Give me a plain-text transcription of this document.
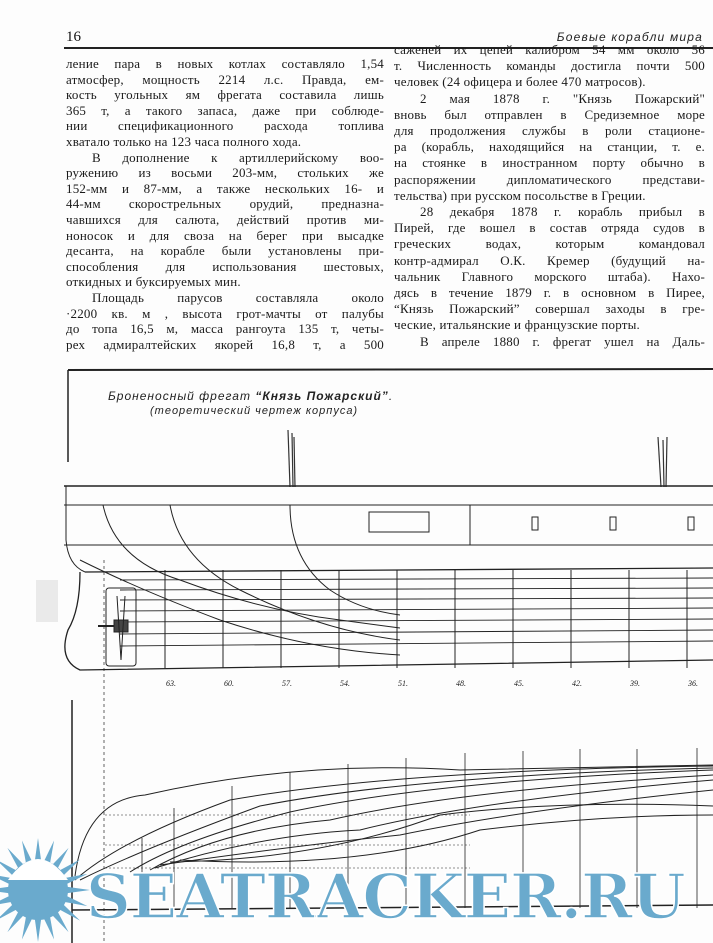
16	Боевые корабли мира
ление пара в новых котлах составляло 1,54
атмосфер, мощность 2214 л.с. Правда, ем-
кость угольных ям фрегата составила лишь
365 т, а такого запаса, даже при соблюде-
нии спецификационного расхода топлива
хватало только на 123 часа полного хода.
В дополнение к артиллерийскому воо-
ружению из восьми 203-мм, стольких же
152-мм и 87-мм, а также нескольких 16- и
44-мм скорострельных орудий, предназна-
чавшихся для салюта, действий против ми-
ноносок и для своза на берег при высадке
десанта, на корабле были установлены при-
способления для использования шестовых,
откидных и буксируемых мин.
Площадь парусов составляла около
·2200 кв. м , высота грот-мачты от палубы
до топа 16,5 м, масса рангоута 135 т, четы-
рех адмиралтейских якорей 16,8 т, а 500
саженей их цепей калибром 54 мм около 56
т. Численность команды достигла почти 500
человек (24 офицера и более 470 матросов).
2 мая 1878 г. "Князь Пожарский"
вновь был отправлен в Средиземное море
для продолжения службы в роли стационе-
ра (корабль, находящийся на станции, т. е.
на стоянке в иностранном порту обычно в
распоряжении дипломатического представи-
тельства) при русском посольстве в Греции.
28 декабря 1878 г. корабль прибыл в
Пирей, где вошел в состав отряда судов в
греческих водах, которым командовал
контр-адмирал О.К. Кремер (будущий на-
чальник Главного морского штаба). Нахо-
дясь в течение 1879 г. в основном в Пирее,
“Князь Пожарский” совершал заходы в гре-
ческие, итальянские и французские порты.
В апреле 1880 г. фрегат ушел на Даль-
Броненосный фрегат “Князь Пожарский”.
(теоретический чертеж корпуса)
63.	60.	57.	54.	51.	48.	45.	42.	39.	36.
SEATRACKER.RU
